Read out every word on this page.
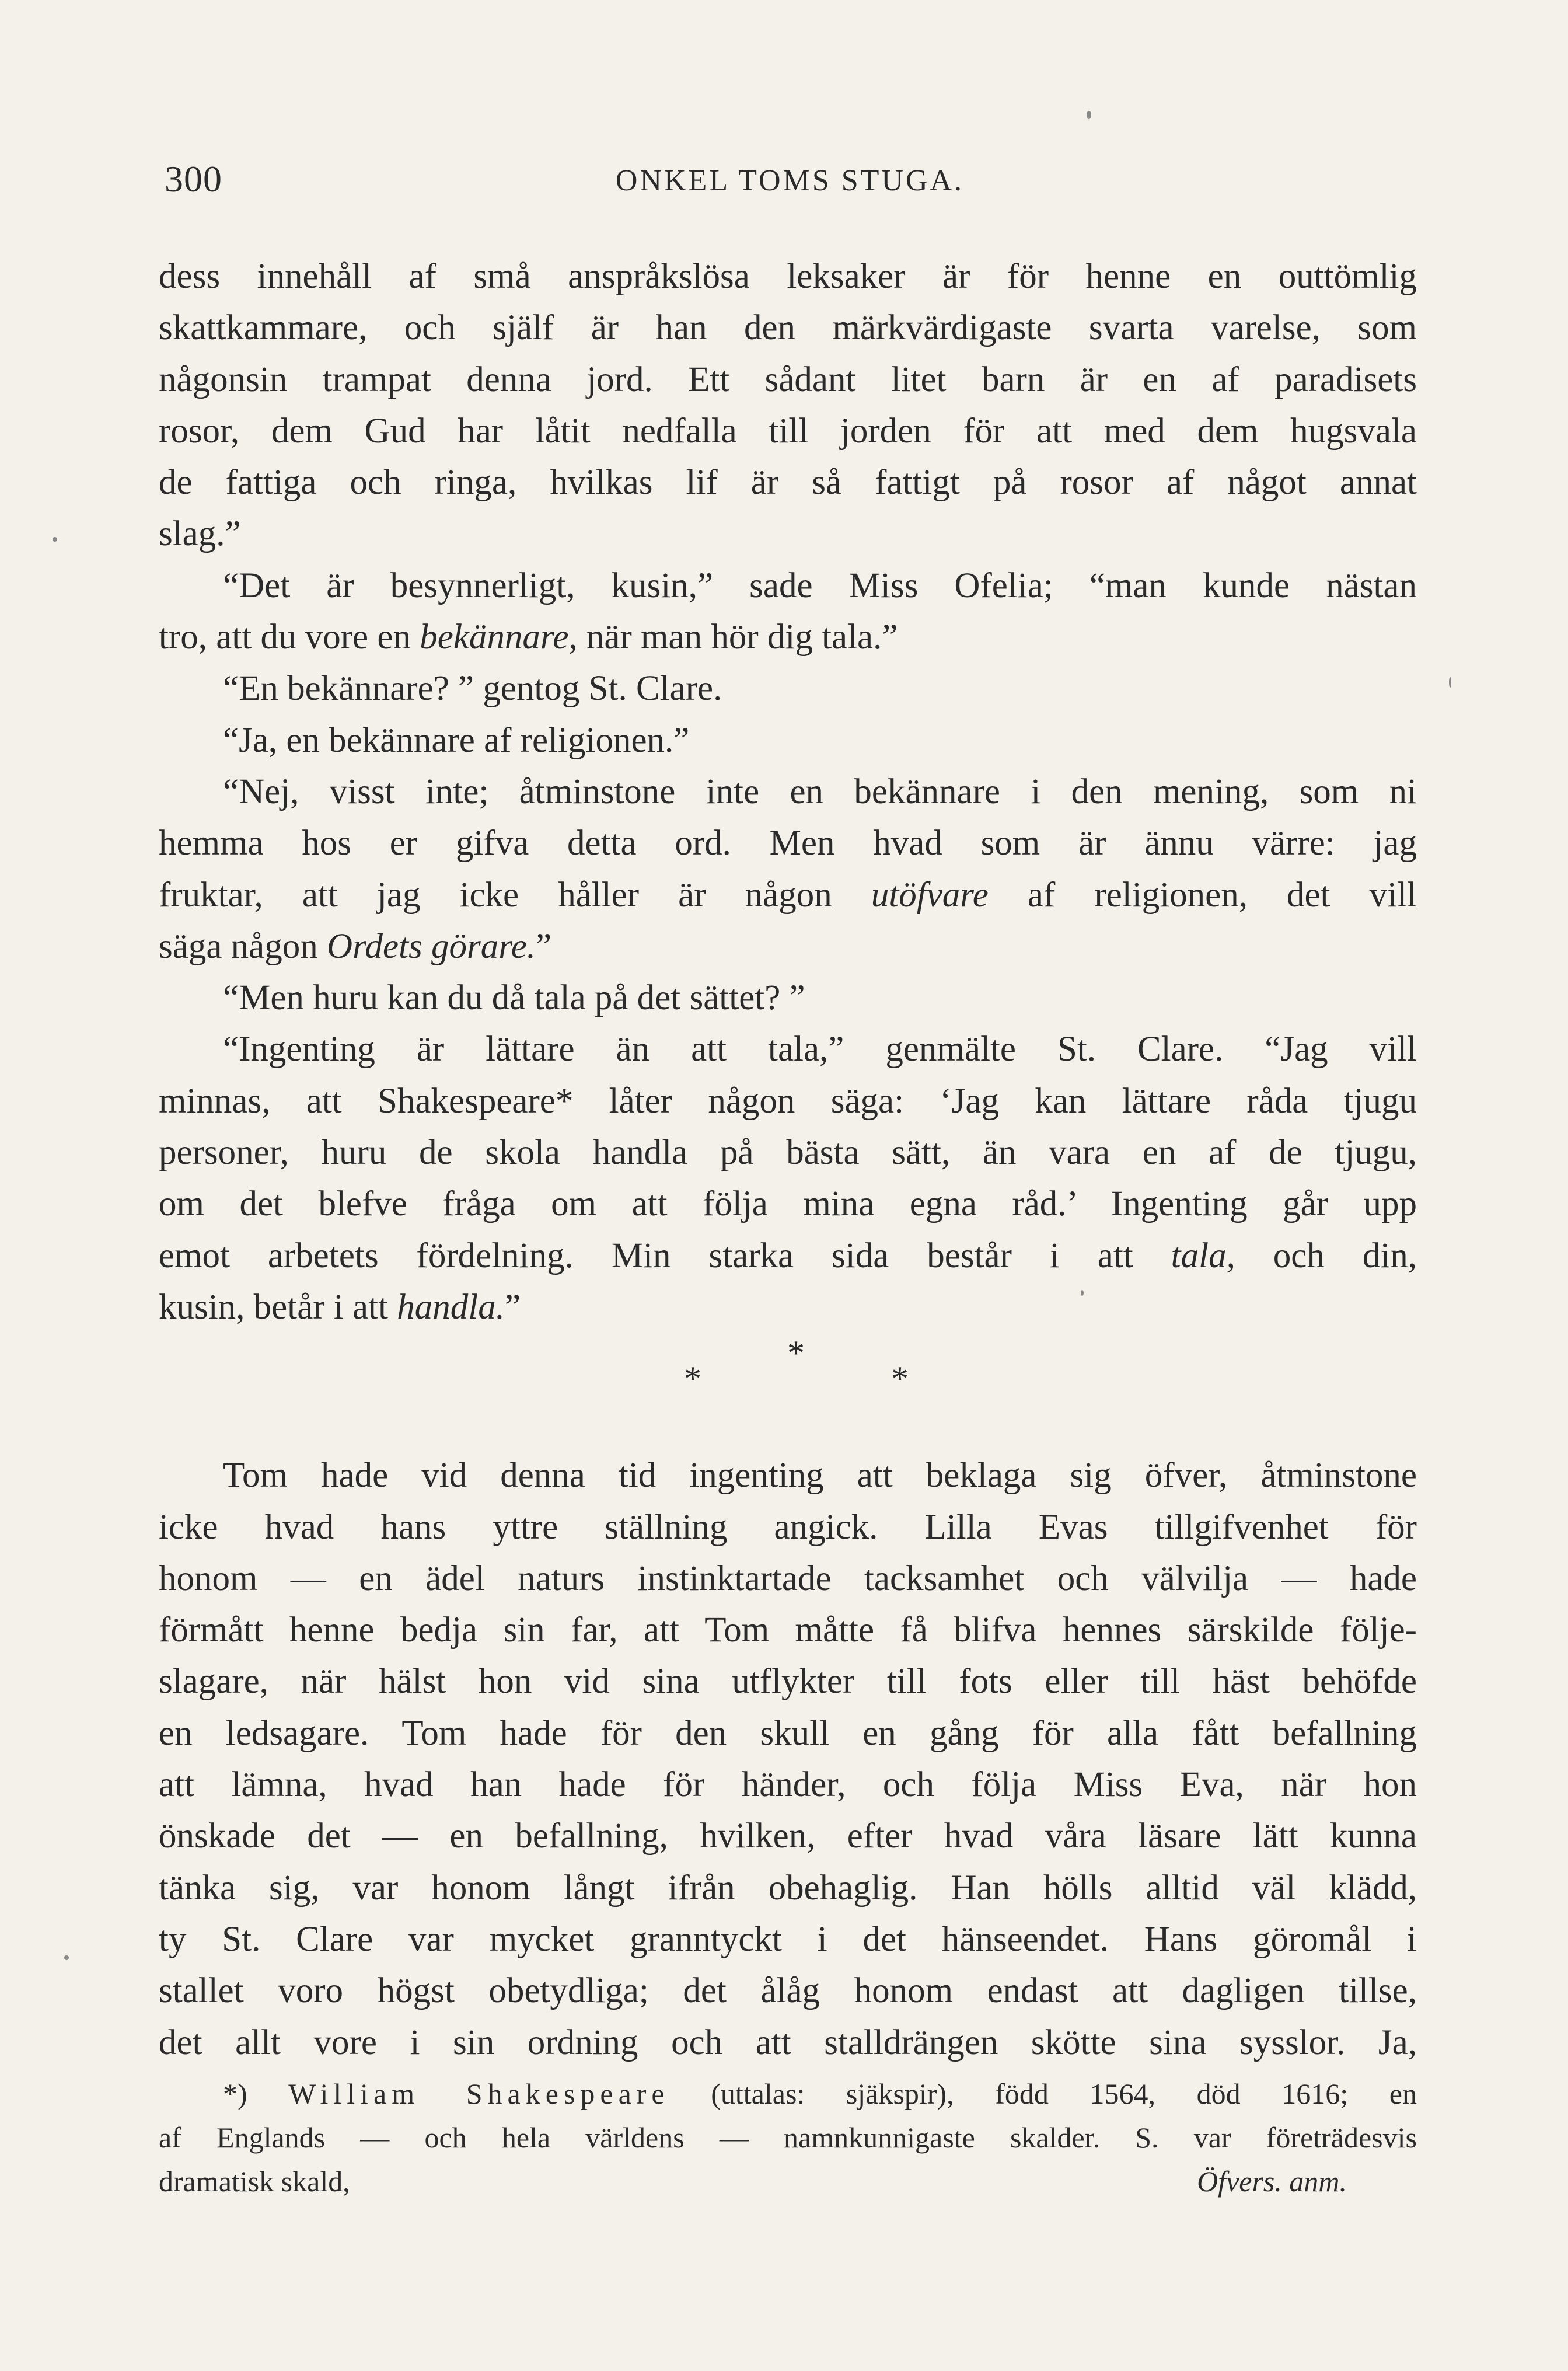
300	ONKEL TOMS STUGA.
dess innehåll af små anspråkslösa leksaker är för henne en outtömlig
skattkammare, och själf är han den märkvärdigaste svarta varelse, som
någonsin trampat denna jord. Ett sådant litet barn är en af paradisets
rosor, dem Gud har låtit nedfalla till jorden för att med dem hugsvala
de fattiga och ringa, hvilkas lif är så fattigt på rosor af något annat
slag.”
“Det är besynnerligt, kusin,” sade Miss Ofelia; “man kunde nästan
tro, att du vore en bekännare, när man hör dig tala.”
“En bekännare? ” gentog St. Clare.
“Ja, en bekännare af religionen.”
“Nej, visst inte; åtminstone inte en bekännare i den mening, som ni
hemma hos er gifva detta ord. Men hvad som är ännu värre: jag
fruktar, att jag icke håller är någon utöfvare af religionen, det vill
säga någon Ordets görare.”
“Men huru kan du då tala på det sättet? ”
“Ingenting är lättare än att tala,” genmälte St. Clare. “Jag vill
minnas, att Shakespeare* låter någon säga: ‘Jag kan lättare råda tjugu
personer, huru de skola handla på bästa sätt, än vara en af de tjugu,
om det blefve fråga om att följa mina egna råd.’ Ingenting går upp
emot arbetets fördelning. Min starka sida består i att tala, och din,
kusin, betår i att handla.”
*
*	*
Tom hade vid denna tid ingenting att beklaga sig öfver, åtminstone
icke hvad hans yttre ställning angick. Lilla Evas tillgifvenhet för
honom — en ädel naturs instinktartade tacksamhet och välvilja — hade
förmått henne bedja sin far, att Tom måtte få blifva hennes särskilde följe-
slagare, när hälst hon vid sina utflykter till fots eller till häst behöfde
en ledsagare. Tom hade för den skull en gång för alla fått befallning
att lämna, hvad han hade för händer, och följa Miss Eva, när hon
önskade det — en befallning, hvilken, efter hvad våra läsare lätt kunna
tänka sig, var honom långt ifrån obehaglig. Han hölls alltid väl klädd,
ty St. Clare var mycket granntyckt i det hänseendet. Hans göromål i
stallet voro högst obetydliga; det ålåg honom endast att dagligen tillse,
det allt vore i sin ordning och att stalldrängen skötte sina sysslor. Ja,
*) William Shakespeare (uttalas: sjäkspir), född 1564, död 1616; en
af Englands — och hela världens — namnkunnigaste skalder. S. var företrädesvis
dramatisk skald,	Öfvers. anm.
